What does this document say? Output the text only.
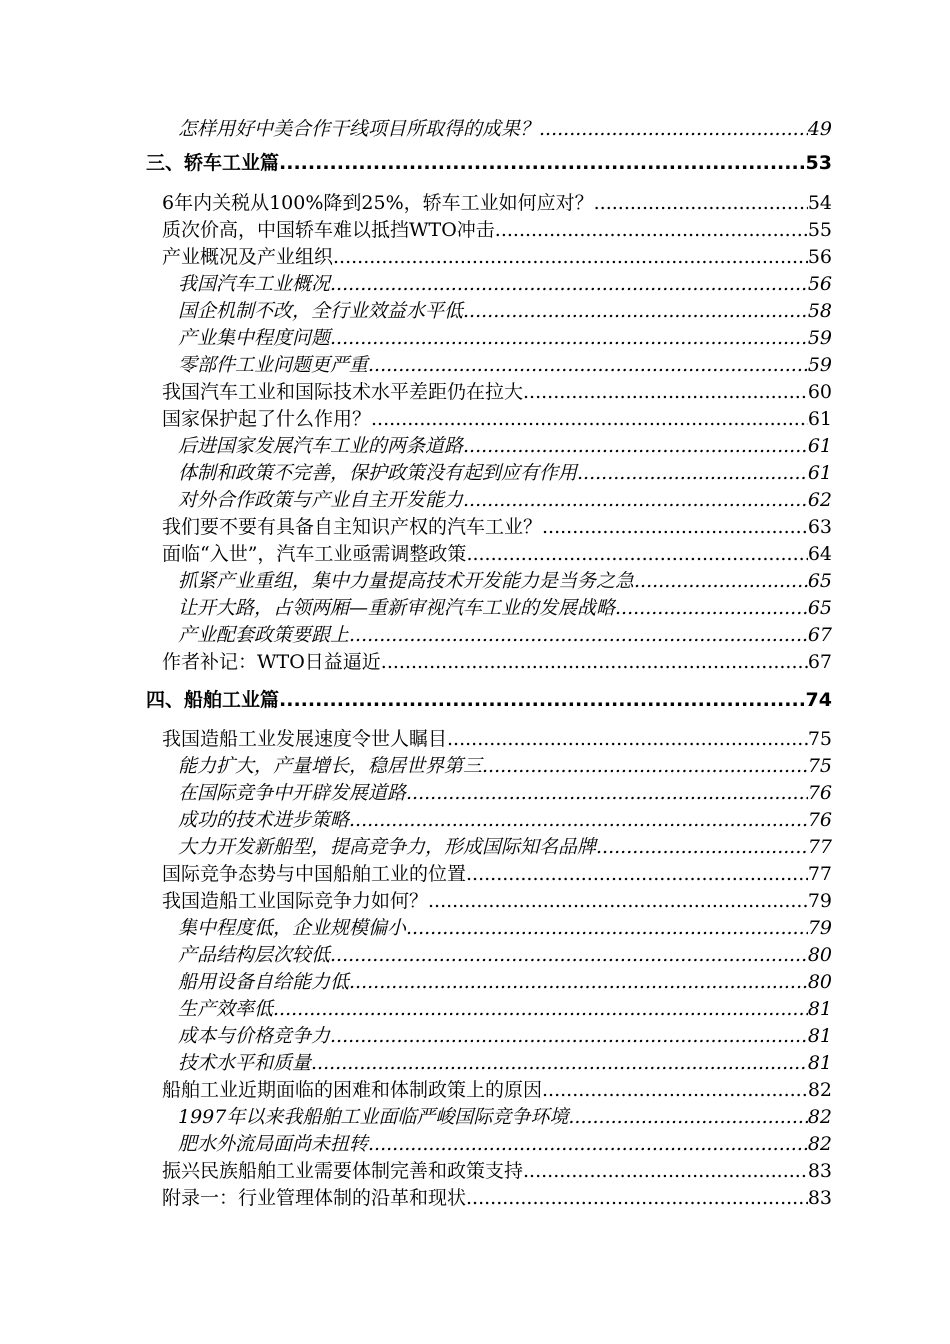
怎样用好中美合作干线项目所取得的成果？ .....	49
三、轿车工业篇 .....	53
6年内关税从100%降到25%，轿车工业如何应对？ .....	54
质次价高，中国轿车难以抵挡WTO冲击 .....	55
产业概况及产业组织 .....	56
我国汽车工业概况 .....	56
国企机制不改，全行业效益水平低 .....	58
产业集中程度问题 .....	59
零部件工业问题更严重 .....	59
我国汽车工业和国际技术水平差距仍在拉大 .....	60
国家保护起了什么作用？ .....	61
后进国家发展汽车工业的两条道路 .....	61
体制和政策不完善，保护政策没有起到应有作用 .....	61
对外合作政策与产业自主开发能力 .....	62
我们要不要有具备自主知识产权的汽车工业？ .....	63
面临“入世”，汽车工业亟需调整政策 .....	64
抓紧产业重组，集中力量提高技术开发能力是当务之急 .....	65
让开大路，占领两厢—重新审视汽车工业的发展战略 .....	65
产业配套政策要跟上 .....	67
作者补记：WTO日益逼近 .....	67
四、船舶工业篇 .....	74
我国造船工业发展速度令世人瞩目 .....	75
能力扩大，产量增长，稳居世界第三 .....	75
在国际竞争中开辟发展道路 .....	76
成功的技术进步策略 .....	76
大力开发新船型，提高竞争力，形成国际知名品牌 .....	77
国际竞争态势与中国船舶工业的位置 .....	77
我国造船工业国际竞争力如何？ .....	79
集中程度低，企业规模偏小 .....	79
产品结构层次较低 .....	80
船用设备自给能力低 .....	80
生产效率低 .....	81
成本与价格竞争力 .....	81
技术水平和质量 .....	81
船舶工业近期面临的困难和体制政策上的原因 .....	82
1997年以来我船舶工业面临严峻国际竞争环境 .....	82
肥水外流局面尚未扭转 .....	82
振兴民族船舶工业需要体制完善和政策支持 .....	83
附录一：行业管理体制的沿革和现状 .....	83
